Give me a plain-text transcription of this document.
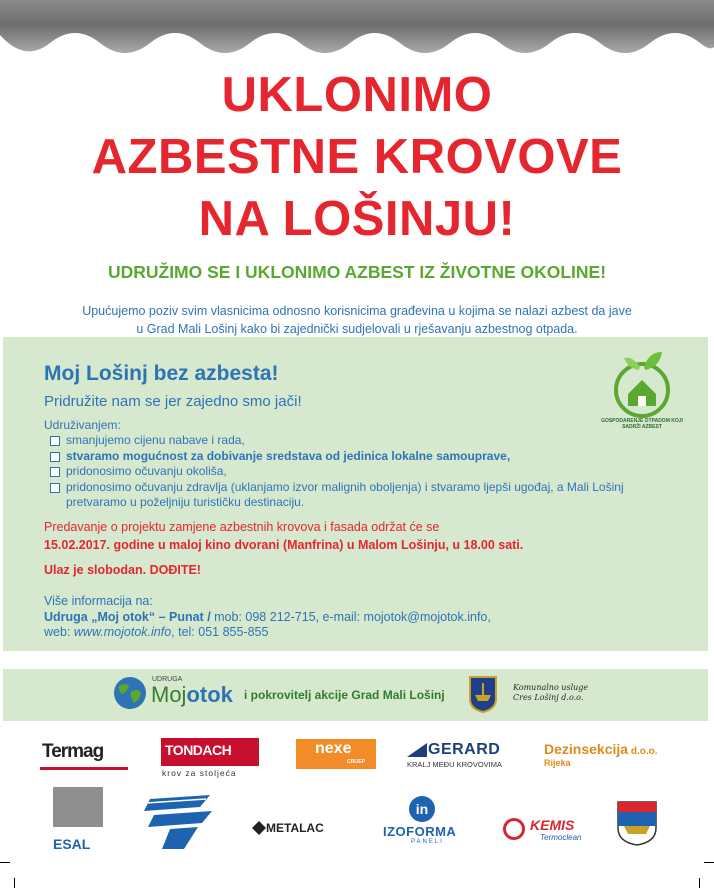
UKLONIMO
AZBESTNE KROVOVE
NA LOŠINJU!
UDRUŽIMO SE I UKLONIMO AZBEST IZ ŽIVOTNE OKOLINE!
Upućujemo poziv svim vlasnicima odnosno korisnicima građevina u kojima se nalazi azbest da jave
u Grad Mali Lošinj kako bi zajednički sudjelovali u rješavanju azbestnog otpada.
Moj Lošinj bez azbesta!
Pridružite nam se jer zajedno smo jači!
GOSPODARENJE OTPADOM KOJI SADRŽI AZBEST
Udruživanjem:
smanjujemo cijenu nabave i rada,
stvaramo mogućnost za dobivanje sredstava od jedinica lokalne samouprave,
pridonosimo očuvanju okoliša,
pridonosimo očuvanju zdravlja (uklanjamo izvor malignih oboljenja) i stvaramo ljepši ugođaj, a Mali Lošinj
pretvaramo u poželjniju turističku destinaciju.
Predavanje o projektu zamjene azbestnih krovova i fasada održat će se
15.02.2017. godine u maloj kino dvorani (Manfrina) u Malom Lošinju, u 18.00 sati.
Ulaz je slobodan. DOĐITE!
Više informacija na:
Udruga „Moj otok“ – Punat / mob: 098 212-715, e-mail: mojotok@mojotok.info,
web: www.mojotok.info, tel: 051 855-855
UDRUGA
Mojotok i pokrovitelj akcije Grad Mali Lošinj
Komunalno usluge
Cres Lošinj d.o.o.
Termag	TONDACH
krov za stoljeća
nexe
CRIJEP
GERARD
KRALJ MEĐU KROVOVIMA
Dezinsekcija d.o.o.
Rijeka
ESAL
METALAC
in
IZOFORMA
PANELI
KEMIS
Termoclean
